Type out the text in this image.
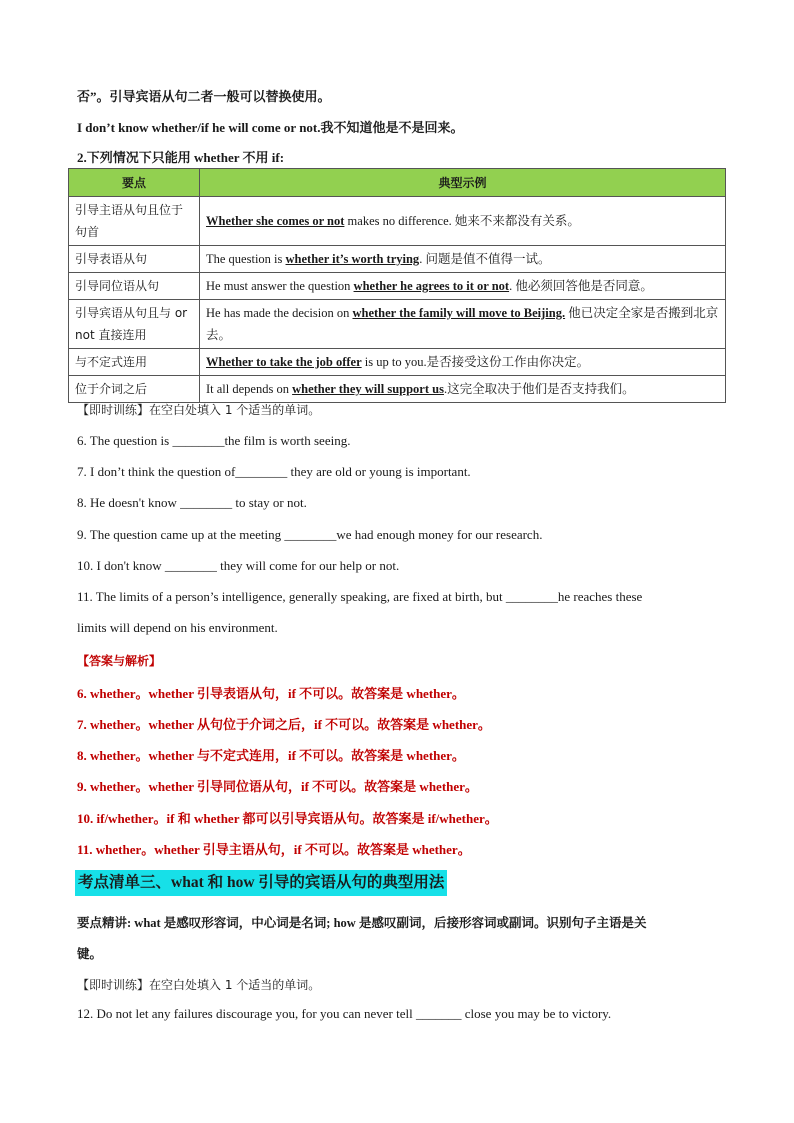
否”。引导宾语从句二者一般可以替换使用。
I don’t know whether/if he will come or not.我不知道他是不是回来。
2.下列情况下只能用 whether 不用 if:
要点	典型示例
引导主语从句且位于句首	Whether she comes or not makes no difference. 她来不来都没有关系。
引导表语从句	The question is whether it’s worth trying. 问题是值不值得一试。
引导同位语从句	He must answer the question whether he agrees to it or not. 他必须回答他是否同意。
引导宾语从句且与 or not 直接连用	He has made the decision on whether the family will move to Beijing. 他已决定全家是否搬到北京去。
与不定式连用	Whether to take the job offer is up to you.是否接受这份工作由你决定。
位于介词之后	It all depends on whether they will support us.这完全取决于他们是否支持我们。
【即时训练】在空白处填入 1 个适当的单词。
6. The question is ________the film is worth seeing.
7. I don’t think the question of________ they are old or young is important.
8. He doesn't know ________ to stay or not.
9. The question came up at the meeting ________we had enough money for our research.
10. I don't know ________ they will come for our help or not.
11. The limits of a person’s intelligence, generally speaking, are fixed at birth, but ________he reaches these
limits will depend on his environment.
【答案与解析】
6. whether。whether 引导表语从句，if 不可以。故答案是 whether。
7. whether。whether 从句位于介词之后，if 不可以。故答案是 whether。
8. whether。whether 与不定式连用，if 不可以。故答案是 whether。
9. whether。whether 引导同位语从句，if 不可以。故答案是 whether。
10. if/whether。if 和 whether 都可以引导宾语从句。故答案是 if/whether。
11. whether。whether 引导主语从句，if 不可以。故答案是 whether。
考点清单三、what 和 how 引导的宾语从句的典型用法
要点精讲: what 是感叹形容词，中心词是名词; how 是感叹副词，后接形容词或副词。识别句子主语是关
键。
【即时训练】在空白处填入 1 个适当的单词。
12. Do not let any failures discourage you, for you can never tell _______ close you may be to victory.
